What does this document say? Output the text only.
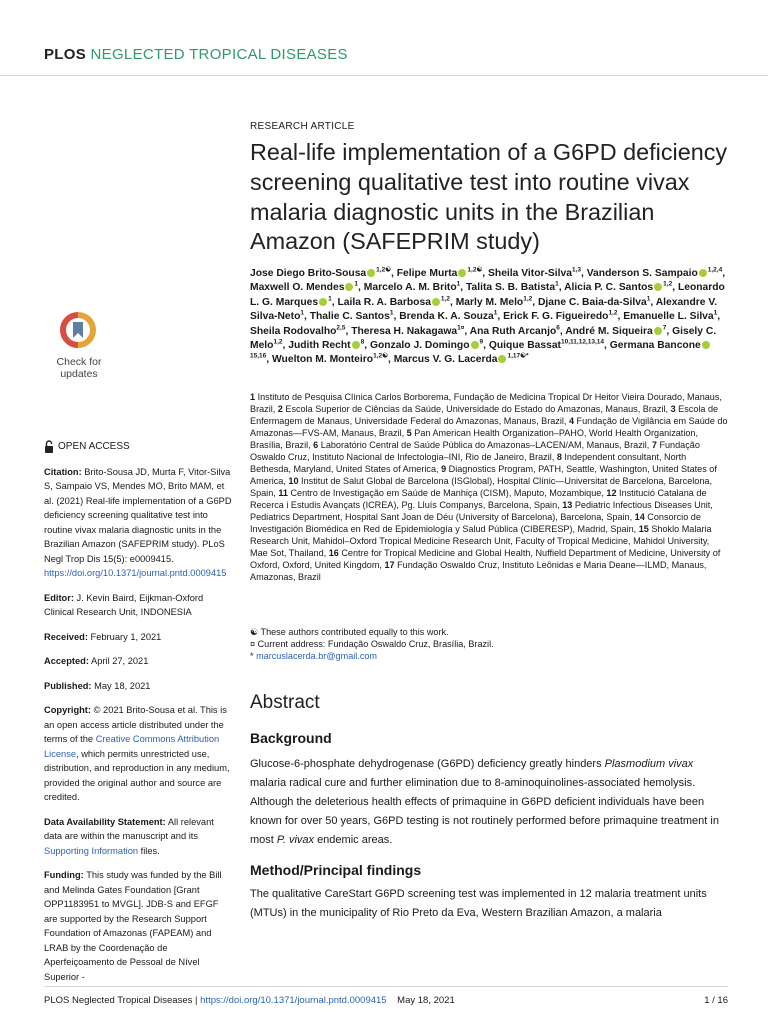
PLOS NEGLECTED TROPICAL DISEASES
Check for
updates
OPEN ACCESS

Citation: Brito-Sousa JD, Murta F, Vitor-Silva S, Sampaio VS, Mendes MO, Brito MAM, et al. (2021) Real-life implementation of a G6PD deficiency screening qualitative test into routine vivax malaria diagnostic units in the Brazilian Amazon (SAFEPRIM study). PLoS Negl Trop Dis 15(5): e0009415. https://doi.org/10.1371/journal.pntd.0009415

Editor: J. Kevin Baird, Eijkman-Oxford Clinical Research Unit, INDONESIA

Received: February 1, 2021

Accepted: April 27, 2021

Published: May 18, 2021

Copyright: © 2021 Brito-Sousa et al. This is an open access article distributed under the terms of the Creative Commons Attribution License, which permits unrestricted use, distribution, and reproduction in any medium, provided the original author and source are credited.

Data Availability Statement: All relevant data are within the manuscript and its Supporting Information files.

Funding: This study was funded by the Bill and Melinda Gates Foundation [Grant OPP1183951 to MVGL]. JDB-S and EFGF are supported by the Research Support Foundation of Amazonas (FAPEAM) and LRAB by the Coordenação de Aperfeiçoamento de Pessoal de Nível Superior -

RESEARCH ARTICLE
Real-life implementation of a G6PD deficiency
screening qualitative test into routine vivax
malaria diagnostic units in the Brazilian
Amazon (SAFEPRIM study)
Jose Diego Brito-Sousa $^{1,2☯}$, Felipe Murta $^{1,2☯}$, Sheila Vitor-Silva$^{1,3}$, Vanderson S. Sampaio $^{1,2,4}$, Maxwell O. Mendes $^1$, Marcelo A. M. Brito$^1$, Talita S. B. Batista$^1$, Alicia P. C. Santos $^{1,2}$, Leonardo L. G. Marques $^1$, Laila R. A. Barbosa $^{1,2}$, Marly M. Melo$^{1,2}$, Djane C. Baia-da-Silva$^1$, Alexandre V. Silva-Neto$^1$, Thalie C. Santos$^1$, Brenda K. A. Souza$^1$, Erick F. G. Figueiredo$^{1,2}$, Emanuelle L. Silva$^1$, Sheila Rodovalho$^{2,5}$, Theresa H. Nakagawa$^{1¤}$, Ana Ruth Arcanjo$^6$, André M. Siqueira $^7$, Gisely C. Melo$^{1,2}$, Judith Recht $^8$, Gonzalo J. Domingo $^9$, Quique Bassat$^{10,11,12,13,14}$, Germana Bancone$^{15,16}$, Wuelton M. Monteiro$^{1,2☯}$, Marcus V. G. Lacerda $^{1,17☯*}$
1 Instituto de Pesquisa Clínica Carlos Borborema, Fundação de Medicina Tropical Dr Heitor Vieira Dourado, Manaus, Brazil, 2 Escola Superior de Ciências da Saúde, Universidade do Estado do Amazonas, Manaus, Brazil, 3 Escola de Enfermagem de Manaus, Universidade Federal do Amazonas, Manaus, Brazil, 4 Fundação de Vigilância em Saúde do Amazonas—FVS-AM, Manaus, Brazil, 5 Pan American Health Organization–PAHO, World Health Organization, Brasília, Brazil, 6 Laboratório Central de Saúde Pública do Amazonas–LACEN/AM, Manaus, Brazil, 7 Fundação Oswaldo Cruz, Instituto Nacional de Infectologia–INI, Rio de Janeiro, Brazil, 8 Independent consultant, North Bethesda, Maryland, United States of America, 9 Diagnostics Program, PATH, Seattle, Washington, United States of America, 10 Institut de Salut Global de Barcelona (ISGlobal), Hospital Clínic—Universitat de Barcelona, Barcelona, Spain, 11 Centro de Investigação em Saúde de Manhiça (CISM), Maputo, Mozambique, 12 Institució Catalana de Recerca i Estudis Avançats (ICREA), Pg. Lluís Companys, Barcelona, Spain, 13 Pediatric Infectious Diseases Unit, Pediatrics Department, Hospital Sant Joan de Déu (University of Barcelona), Barcelona, Spain, 14 Consorcio de Investigación Biomédica en Red de Epidemiología y Salud Pública (CIBERESP), Madrid, Spain, 15 Shoklo Malaria Research Unit, Mahidol–Oxford Tropical Medicine Research Unit, Faculty of Tropical Medicine, Mahidol University, Mae Sot, Thailand, 16 Centre for Tropical Medicine and Global Health, Nuffield Department of Medicine, University of Oxford, Oxford, United Kingdom, 17 Fundação Oswaldo Cruz, Instituto Leônidas e Maria Deane—ILMD, Manaus, Amazonas, Brazil
☯ These authors contributed equally to this work.
¤ Current address: Fundação Oswaldo Cruz, Brasília, Brazil.
* marcuslacerda.br@gmail.com
Abstract
Background
Glucose-6-phosphate dehydrogenase (G6PD) deficiency greatly hinders Plasmodium vivax malaria radical cure and further elimination due to 8-aminoquinolines-associated hemolysis. Although the deleterious health effects of primaquine in G6PD deficient individuals have been known for over 50 years, G6PD testing is not routinely performed before primaquine treatment in most P. vivax endemic areas.
Method/Principal findings
The qualitative CareStart G6PD screening test was implemented in 12 malaria treatment units (MTUs) in the municipality of Rio Preto da Eva, Western Brazilian Amazon, a malaria
PLOS Neglected Tropical Diseases
|
https://doi.org/10.1371/journal.pntd.0009415
May 18, 2021	1 / 16
